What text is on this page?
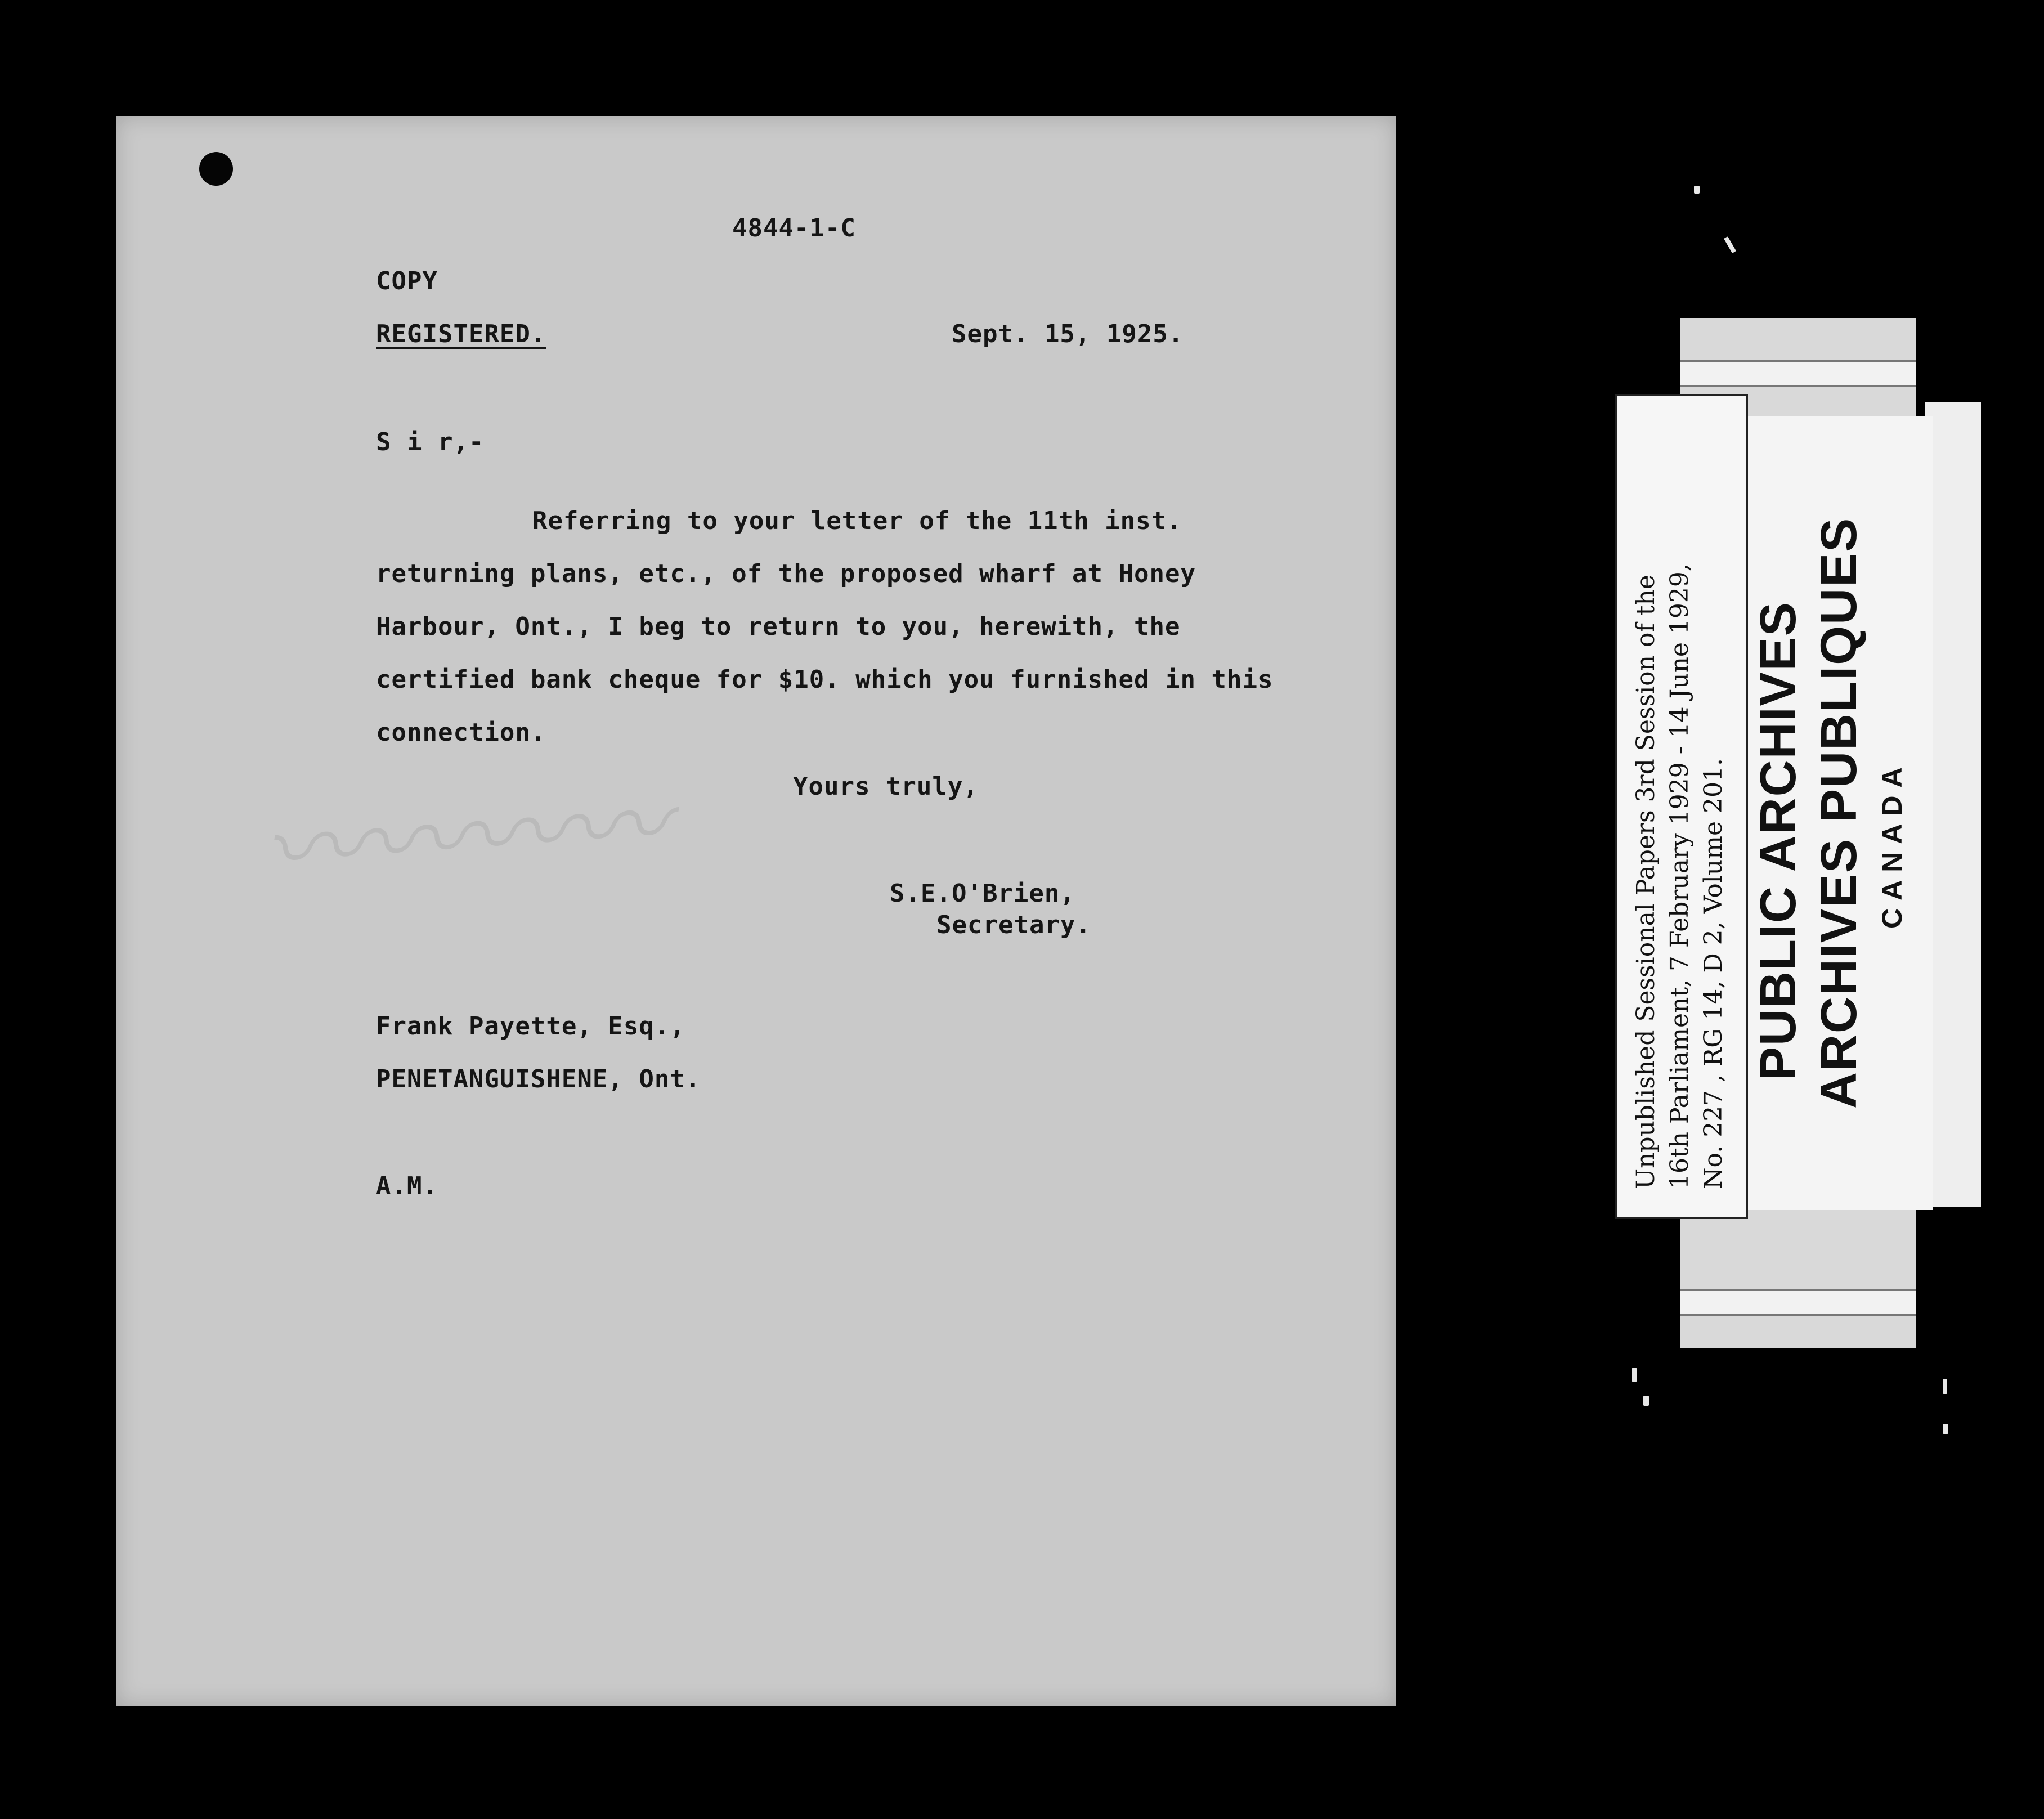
〰〰〰〰
4844-1-C
COPY
REGISTERED.	Sept. 15, 1925.
S i r,-
Referring to your letter of the 11th inst.
returning plans, etc., of the proposed wharf at Honey
Harbour, Ont., I beg to return to you, herewith, the
certified bank cheque for $10. which you furnished in this
connection.
Yours truly,
S.E.O'Brien,
Secretary.
Frank Payette, Esq.,
PENETANGUISHENE, Ont.
A.M.
PUBLIC ARCHIVES ARCHIVES PUBLIQUES CANADA
Unpublished Sessional Papers 3rd Session of the 16th Parliament, 7 February 1929 - 14 June 1929, No. 227 , RG 14, D 2, Volume 201.
